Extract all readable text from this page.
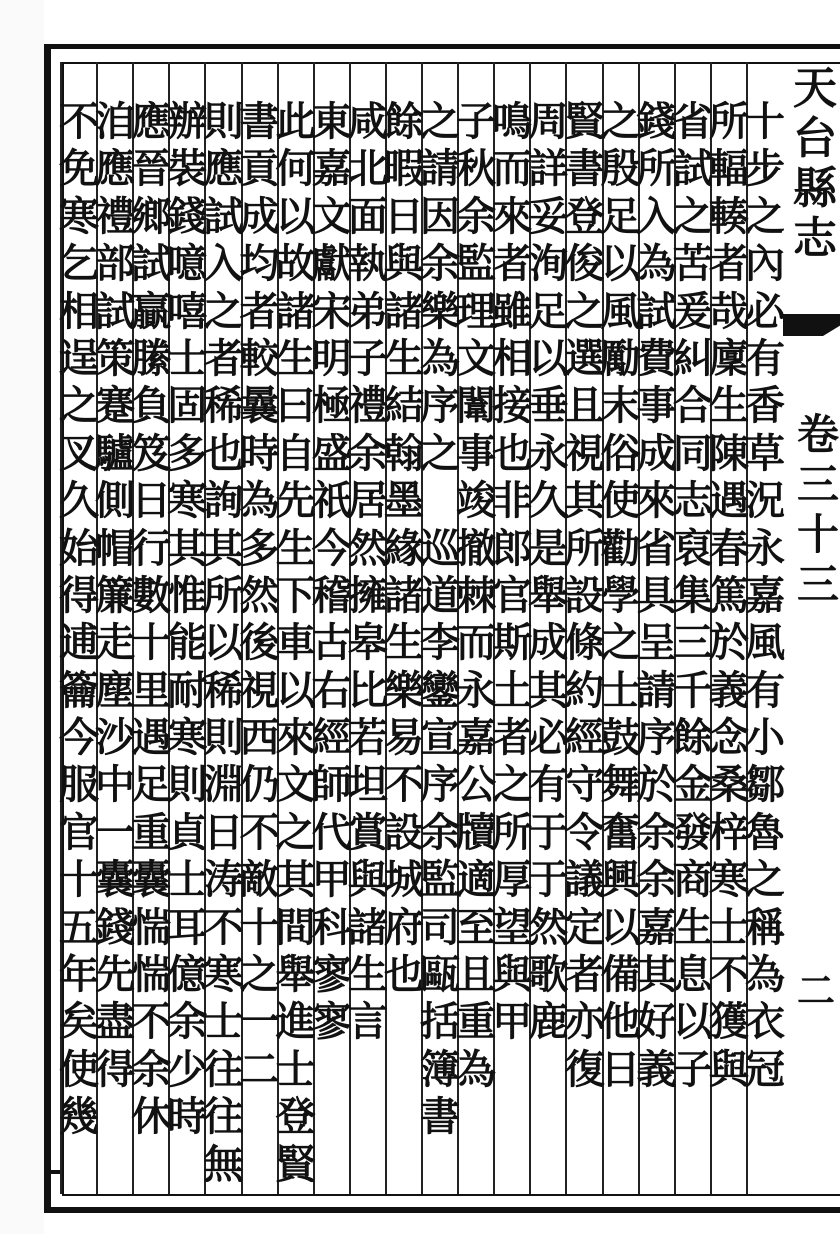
十
步
之
內
必
有
香
草
況
永
嘉
風
有
小
鄒
魯
之
稱
為
衣
冠
所
輻
輳
者
哉
廩
生
陳
遇
春
篤
於
義
念
桑
梓
寒
士
不
獲
與
省
試
之
苦
爰
糾
合
同
志
裒
集
三
千
餘
金
發
商
生
息
以
子
錢
所
入
為
試
費
事
成
來
省
具
呈
請
序
於
余
余
嘉
其
好
義
之
殷
足
以
風
勵
末
俗
使
勸
學
之
士
鼓
舞
奮
興
以
備
他
日
賢
書
登
俊
之
選
且
視
其
所
設
條
約
經
守
令
議
定
者
亦
復
周
詳
妥
洵
足
以
垂
永
久
是
舉
成
其
必
有
于
于
然
歌
鹿
鳴
而
來
者
雖
相
接
也
非
郎
官
斯
土
者
之
所
厚
望
與
甲
子
秋
余
監
理
文
闈
事
竣
撤
棘
而
永
嘉
公
牘
適
至
且
重
為
之
請
因
余
樂
為
序
之

巡
道
李
鑾
宣
序
余
監
司
甌
括
簿
書
餘
暇
日
與
諸
生
結
翰
墨
緣
諸
生
樂
易
不
設
城
府
也
咸
北
面
執
弟
子
禮
余
居
然
擁
皋
比
若
坦
賞
與
諸
生
言
東
嘉
文
獻
宋
明
極
盛
祇
今
稽
古
右
經
師
代
甲
科
寥
寥
此
何
以
故
諸
生
曰
自
先
生
下
車
以
來
文
之
其
間
舉
進
士
登
賢
書
貢
成
均
者
較
曩
時
為
多
然
後
視
西
仍
不
敵
十
之
一
二
則
應
試
入
之
者
稀
也
詢
其
所
以
稀
則
淵
日
涛
不
寒
士
往
往
無
辦
裝
錢
噫
嘻
士
固
多
寒
其
惟
能
耐
寒
則
貞
士
耳
億
余
少
時
應
晉
鄉
試
贏
縢
負
笈
日
行
數
十
里
遇
足
重
囊
惴
惴
不
余
休
洎
應
禮
部
試
策
蹇
驢
側
帽
簾
走
塵
沙
中
一
囊
錢
先
盡
得
不
免
寒
乞
相
逞
之
叉
久
始
得
逋
籥
今
服
官
十
五
年
矣
使
幾
天
台
縣
志
卷
三
十
三
二
